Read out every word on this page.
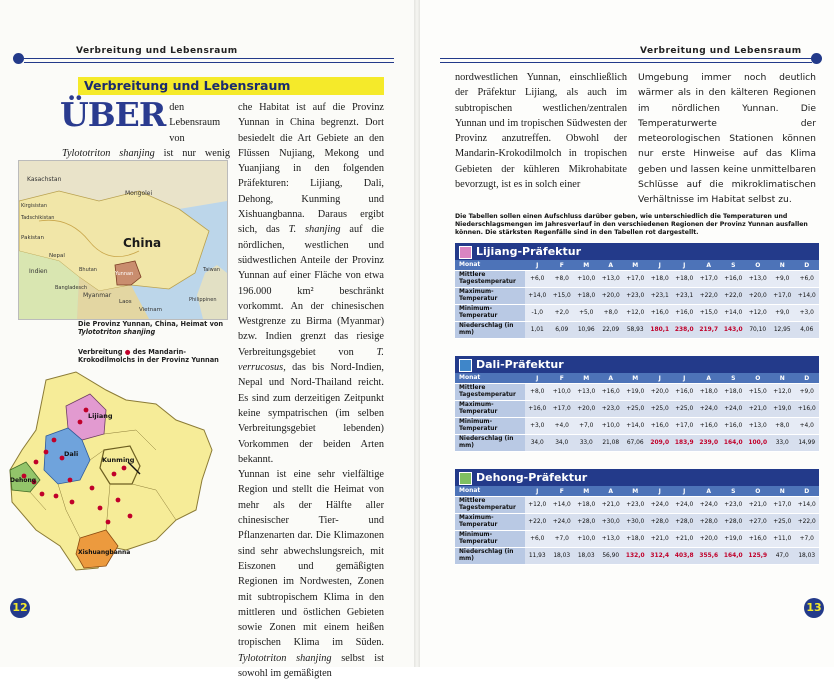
Verbreitung und Lebensraum
Verbreitung und Lebensraum
ÜBER den Lebensraum von Tylototriton shanjing ist nur wenig
Kasachstan
Mongolei
Kirgisistan
Tadschikistan
Pakistan	China
Indien
Nepal
Bhutan
Bangladesch
Yunnan
Myanmar
Laos
Vietnam
Taiwan
Philippinen
Die Provinz Yunnan, China, Heimat von Tylototriton shanjing
Verbreitung ● des Mandarin-Krokodilmolchs in der Provinz Yunnan
Lijiang
Dali
Kunming
Dehong
Xishuangbanna

che Habitat ist auf die Provinz Yunnan in China begrenzt. Dort besiedelt die Art Gebiete an den Flüssen Nujiang, Mekong und Yuanjiang in den folgenden Präfekturen: Lijiang, Dali, Dehong, Kunming und Xishuangbanna. Daraus ergibt sich, das T. shanjing auf die nördlichen, westlichen und südwestlichen Anteile der Provinz Yunnan auf einer Fläche von etwa 196.000 km² beschränkt vorkommt. An der chinesischen Westgrenze zu Birma (Myanmar) bzw. Indien grenzt das riesige Verbreitungsgebiet von T. verrucosus, das bis Nord-Indien, Nepal und Nord-Thailand reicht. Es sind zum derzeitigen Zeitpunkt keine sympatrischen (im selben Verbreitungsgebiet lebenden) Vorkommen der beiden Arten bekannt.

Yunnan ist eine sehr vielfältige Region und stellt die Heimat von mehr als der Hälfte aller chinesischer Tier- und Pflanzenarten dar. Die Klimazonen sind sehr abwechslungsreich, mit Eiszonen und gemäßigten Regionen im Nordwesten, Zonen mit subtropischem Klima in den mittleren und östlichen Gebieten sowie Zonen mit einem heißen tropischen Klima im Süden. Tylototriton shanjing selbst ist sowohl im gemäßigten

12
Verbreitung und Lebensraum
nordwestlichen Yunnan, einschließlich der Präfektur Lijiang, als auch im subtropischen westlichen/zentralen Yunnan und im tropischen Südwesten der Provinz anzutreffen. Obwohl der Mandarin-Krokodilmolch in tropischen Gebieten der kühleren Mikrohabitate bevorzugt, ist es in solch einer
Umgebung immer noch deutlich wärmer als in den kälteren Regionen im nördlichen Yunnan. Die Temperaturwerte der meteorologischen Stationen können nur erste Hinweise auf das Klima geben und lassen keine unmittelbaren Schlüsse auf die mikroklimatischen Verhältnisse im Habitat selbst zu.
Die Tabellen sollen einen Aufschluss darüber geben, wie unterschiedlich die Temperaturen und Niederschlagsmengen im Jahresverlauf in den verschiedenen Regionen der Provinz Yunnan ausfallen können. Die stärksten Regenfälle sind in den Tabellen rot dargestellt.
Lijiang-Präfektur
Monat	J	F	M	A	M	J	J	A	S	O	N	D
Mittlere Tagestemperatur	+6,0	+8,0	+10,0	+13,0	+17,0	+18,0	+18,0	+17,0	+16,0	+13,0	+9,0	+6,0
Maximum-Temperatur	+14,0	+15,0	+18,0	+20,0	+23,0	+23,1	+23,1	+22,0	+22,0	+20,0	+17,0	+14,0
Minimum-Temperatur	-1,0	+2,0	+5,0	+8,0	+12,0	+16,0	+16,0	+15,0	+14,0	+12,0	+9,0	+3,0
Niederschlag (in mm)	1,01	6,09	10,96	22,09	58,93	180,1	238,0	219,7	143,0	70,10	12,95	4,06
Dali-Präfektur
Monat	J	F	M	A	M	J	J	A	S	O	N	D
Mittlere Tagestemperatur	+8,0	+10,0	+13,0	+16,0	+19,0	+20,0	+16,0	+18,0	+18,0	+15,0	+12,0	+9,0
Maximum-Temperatur	+16,0	+17,0	+20,0	+23,0	+25,0	+25,0	+25,0	+24,0	+24,0	+21,0	+19,0	+16,0
Minimum-Temperatur	+3,0	+4,0	+7,0	+10,0	+14,0	+16,0	+17,0	+16,0	+16,0	+13,0	+8,0	+4,0
Niederschlag (in mm)	34,0	34,0	33,0	21,08	67,06	209,0	183,9	239,0	164,0	100,0	33,0	14,99
Dehong-Präfektur
Monat	J	F	M	A	M	J	J	A	S	O	N	D
Mittlere Tagestemperatur	+12,0	+14,0	+18,0	+21,0	+23,0	+24,0	+24,0	+24,0	+23,0	+21,0	+17,0	+14,0
Maximum-Temperatur	+22,0	+24,0	+28,0	+30,0	+30,0	+28,0	+28,0	+28,0	+28,0	+27,0	+25,0	+22,0
Minimum-Temperatur	+6,0	+7,0	+10,0	+13,0	+18,0	+21,0	+21,0	+20,0	+19,0	+16,0	+11,0	+7,0
Niederschlag (in mm)	11,93	18,03	18,03	56,90	132,0	312,4	403,8	355,6	164,0	125,9	47,0	18,03
13
